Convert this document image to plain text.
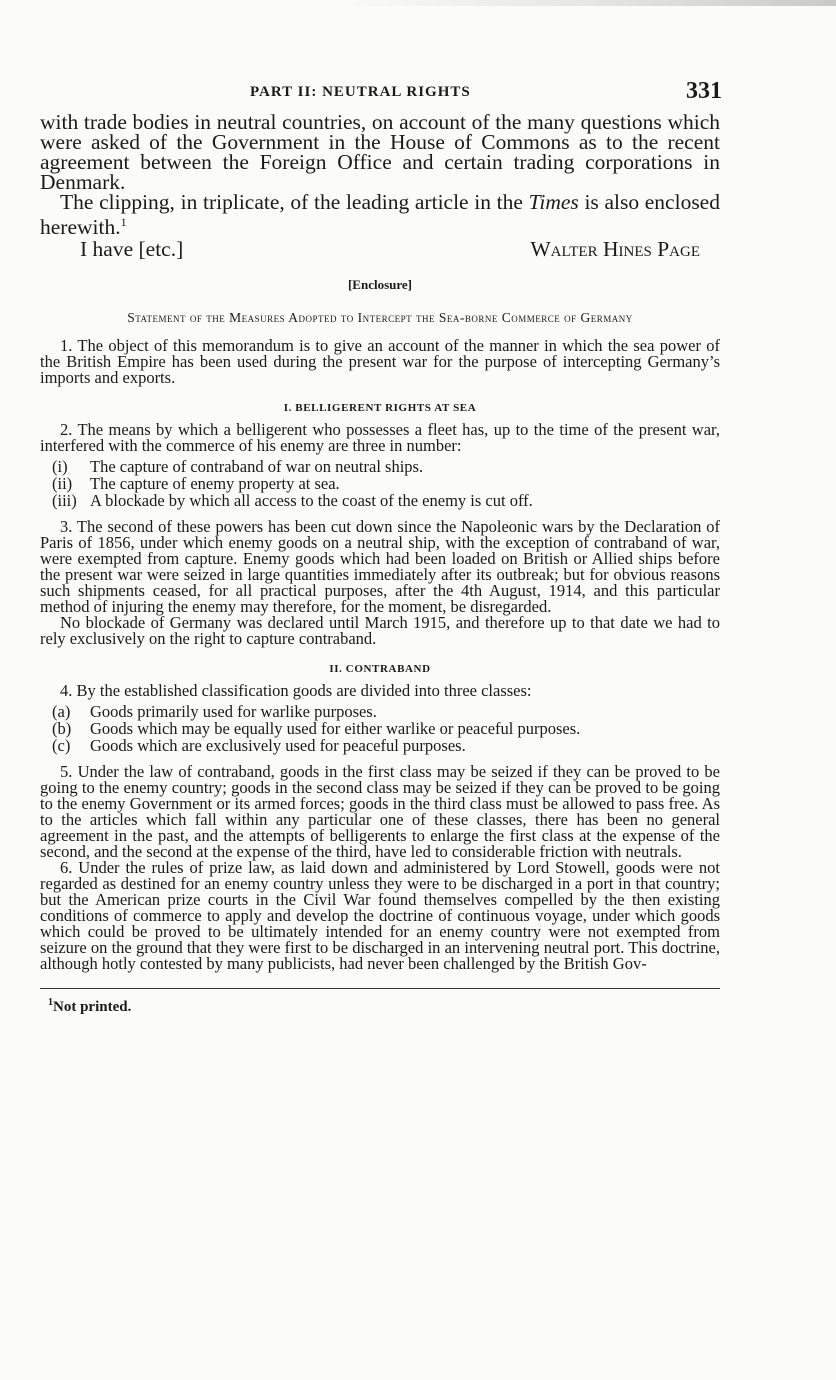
PART II: NEUTRAL RIGHTS	331

with trade bodies in neutral countries, on account of the many questions which were asked of the Government in the House of Commons as to the recent agreement between the Foreign Office and certain trading corporations in Denmark.

The clipping, in triplicate, of the leading article in the Times is also enclosed herewith.$^1$

I have [etc.]	Walter Hines Page
[Enclosure]
Statement of the Measures Adopted to Intercept the Sea-borne Commerce of Germany

1. The object of this memorandum is to give an account of the manner in which the sea power of the British Empire has been used during the present war for the purpose of intercepting Germany’s imports and exports.

I. BELLIGERENT RIGHTS AT SEA

2. The means by which a belligerent who possesses a fleet has, up to the time of the present war, interfered with the commerce of his enemy are three in number:

(i) The capture of contraband of war on neutral ships.
(ii) The capture of enemy property at sea.
(iii) A blockade by which all access to the coast of the enemy is cut off.

3. The second of these powers has been cut down since the Napoleonic wars by the Declaration of Paris of 1856, under which enemy goods on a neutral ship, with the exception of contraband of war, were exempted from capture. Enemy goods which had been loaded on British or Allied ships before the present war were seized in large quantities immediately after its outbreak; but for obvious reasons such shipments ceased, for all practical purposes, after the 4th August, 1914, and this particular method of injuring the enemy may therefore, for the moment, be disregarded.

No blockade of Germany was declared until March 1915, and therefore up to that date we had to rely exclusively on the right to capture contraband.

II. CONTRABAND

4. By the established classification goods are divided into three classes:

(a) Goods primarily used for warlike purposes.
(b) Goods which may be equally used for either warlike or peaceful purposes.
(c) Goods which are exclusively used for peaceful purposes.

5. Under the law of contraband, goods in the first class may be seized if they can be proved to be going to the enemy country; goods in the second class may be seized if they can be proved to be going to the enemy Government or its armed forces; goods in the third class must be allowed to pass free. As to the articles which fall within any particular one of these classes, there has been no general agreement in the past, and the attempts of belligerents to enlarge the first class at the expense of the second, and the second at the expense of the third, have led to considerable friction with neutrals.

6. Under the rules of prize law, as laid down and administered by Lord Stowell, goods were not regarded as destined for an enemy country unless they were to be discharged in a port in that country; but the American prize courts in the Civil War found themselves compelled by the then existing conditions of commerce to apply and develop the doctrine of continuous voyage, under which goods which could be proved to be ultimately intended for an enemy country were not exempted from seizure on the ground that they were first to be discharged in an intervening neutral port. This doctrine, although hotly contested by many publicists, had never been challenged by the British Gov-

$^1$Not printed.
